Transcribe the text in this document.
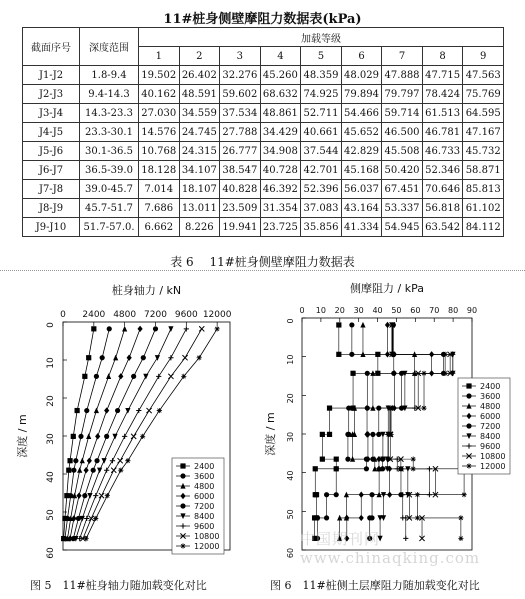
11#桩身侧壁摩阻力数据表(kPa)
截面序号	深度范围	加载等级								
		1	2	3	4	5	6	7	8	9
J1-J2	1.8-9.4	19.502	26.402	32.276	45.260	48.359	48.029	47.888	47.715	47.563
J2-J3	9.4-14.3	40.162	48.591	59.602	68.632	74.925	79.894	79.797	78.424	75.769
J3-J4	14.3-23.3	27.030	34.559	37.534	48.861	52.711	54.466	59.714	61.513	64.595
J4-J5	23.3-30.1	14.576	24.745	27.788	34.429	40.661	45.652	46.500	46.781	47.167
J5-J6	30.1-36.5	10.768	24.315	26.777	34.908	37.544	42.829	45.508	46.733	45.732
J6-J7	36.5-39.0	18.128	34.107	38.547	40.728	42.701	45.168	50.420	52.346	58.871
J7-J8	39.0-45.7	7.014	18.107	40.828	46.392	52.396	56.037	67.451	70.646	85.813
J8-J9	45.7-51.7	7.686	13.011	23.509	31.354	37.083	43.164	53.337	56.818	61.102
J9-J10	51.7-57.0.	6.662	8.226	19.941	23.725	35.856	41.334	54.945	63.542	84.112
表 6　 11#桩身侧壁摩阻力数据表
桩身轴力 / kN
0 2400 4800 7200 9600 12000
0
10
20
30
40
50
60
深度 / m
2400
3600
4800
6000
7200
8400
9600
10800
12000
侧摩阻力 / kPa
0 10 20 30 40 50 60 70 80 90
0
10
20
30
40
50
60
深度 / m
2400
3600
4800
6000
7200
8400
9600
10800
12000
图 5　11#桩身轴力随加载变化对比	图 6　11#桩侧土层摩阻力随加载变化对比
中国期刊网 www.chinaqking.com
